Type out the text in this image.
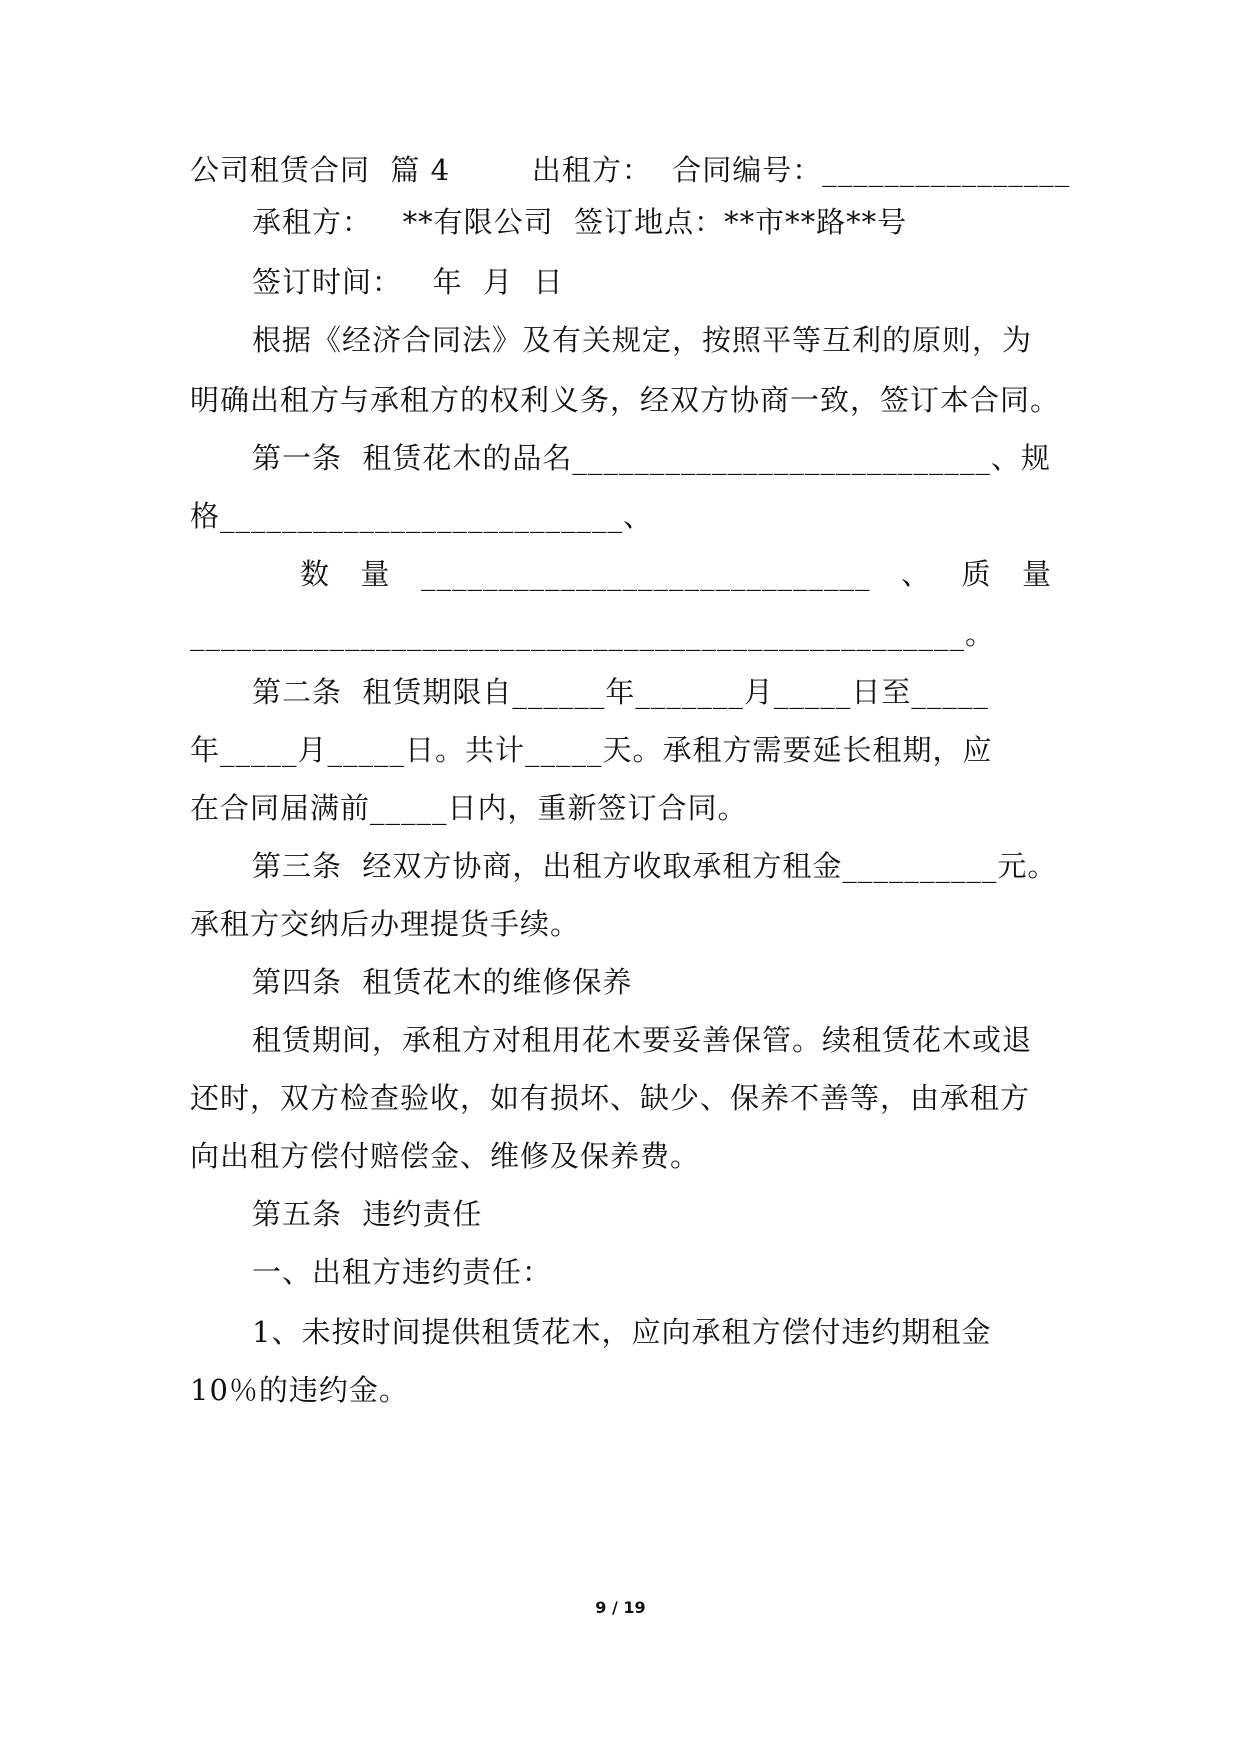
公司租赁合同  篇 4        出租方：  合同编号：________________
承租方：   **有限公司  签订地点：**市**路**号
签订时间：   年  月  日
根据《经济合同法》及有关规定，按照平等互利的原则，为
明确出租方与承租方的权利义务，经双方协商一致，签订本合同。
第一条  租赁花木的品名___________________________、规
格__________________________、
数 量 _____________________________ 、 质 量
__________________________________________________。
第二条  租赁期限自______年_______月_____日至_____
年_____月_____日。共计_____天。承租方需要延长租期，应
在合同届满前_____日内，重新签订合同。
第三条  经双方协商，出租方收取承租方租金__________元。
承租方交纳后办理提货手续。
第四条  租赁花木的维修保养
租赁期间，承租方对租用花木要妥善保管。续租赁花木或退
还时，双方检查验收，如有损坏、缺少、保养不善等，由承租方
向出租方偿付赔偿金、维修及保养费。
第五条  违约责任
一、出租方违约责任：
1、未按时间提供租赁花木，应向承租方偿付违约期租金
10％的违约金。
9 / 19
